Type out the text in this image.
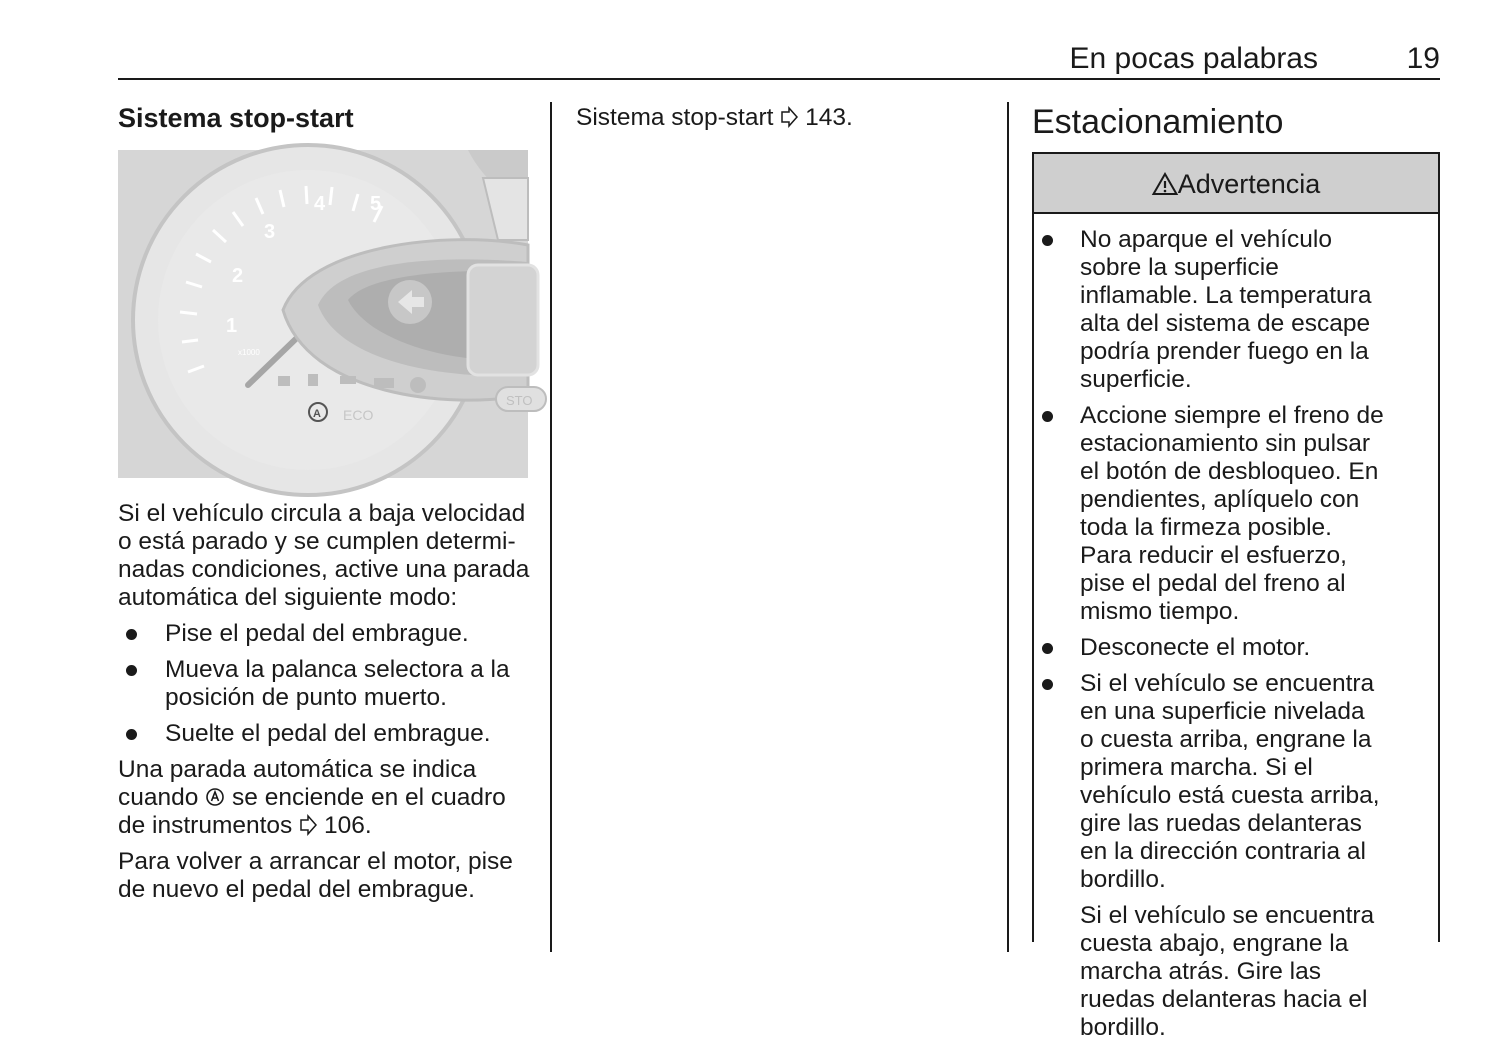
En pocas palabras	19
Sistema stop-start
1
2
3
4 5
x1000
A ECO
STO

Si el vehículo circula a baja velocidad o está parado y se cumplen determinadas condiciones, active una parada automática del siguiente modo:

Pise el pedal del embrague.
Mueva la palanca selectora a la posición de punto muerto.
Suelte el pedal del embrague.

Una parada automática se indica cuando se enciende en el cuadro de instrumentos 106.

Para volver a arrancar el motor, pise de nuevo el pedal del embrague.

Sistema stop-start 143.	Estacionamiento
Advertencia
No aparque el vehículo sobre la superficie inflamable. La temperatura alta del sistema de escape podría prender fuego en la superficie.
Accione siempre el freno de estacionamiento sin pulsar el botón de desbloqueo. En pendientes, aplíquelo con toda la firmeza posible. Para reducir el esfuerzo, pise el pedal del freno al mismo tiempo.
Desconecte el motor.
Si el vehículo se encuentra en una superficie nivelada o cuesta arriba, engrane la primera marcha. Si el vehículo está cuesta arriba, gire las ruedas delanteras en la dirección contraria al bordillo.

Si el vehículo se encuentra cuesta abajo, engrane la marcha atrás. Gire las ruedas delanteras hacia el bordillo.
